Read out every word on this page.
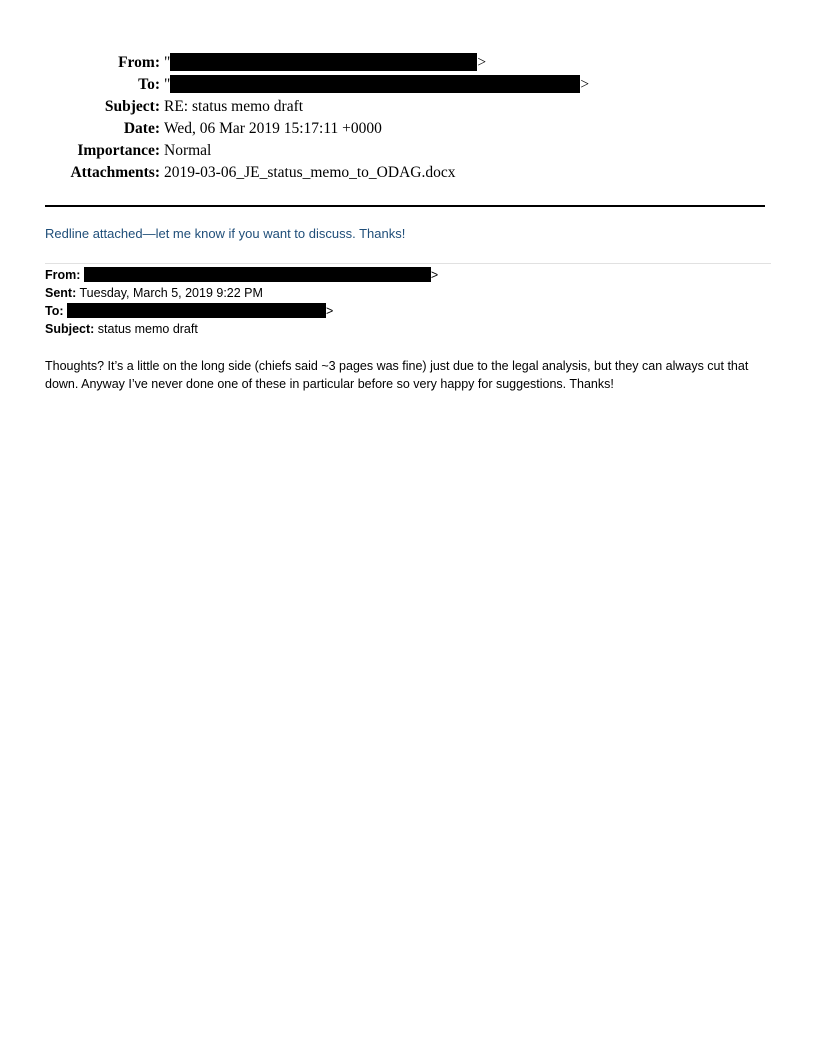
From: "	>
To: "	>
Subject: RE: status memo draft
Date: Wed, 06 Mar 2019 15:17:11 +0000
Importance: Normal
Attachments: 2019-03-06_JE_status_memo_to_ODAG.docx
Redline attached—let me know if you want to discuss. Thanks!
From:	>
Sent: Tuesday, March 5, 2019 9:22 PM
To:	>
Subject: status memo draft
Thoughts? It’s a little on the long side (chiefs said ~3 pages was fine) just due to the legal analysis, but they can always cut that down. Anyway I’ve never done one of these in particular before so very happy for suggestions. Thanks!
